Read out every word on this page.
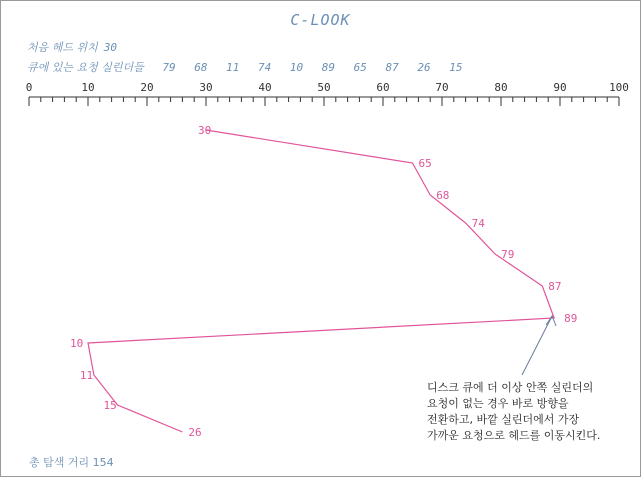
C-LOOK
처음 헤드 위치 30
큐에 있는 요청 실린더들 79 68 11 74 10 89 65 87 26 15
0	10	20	30	40	50	60	70	80	90	100
30
65
68
74
79
87
89
10
11
15
26
디스크 큐에 더 이상 안쪽 실린더의
요청이 없는 경우 바로 방향을
전환하고, 바깥 실린더에서 가장
가까운 요청으로 헤드를 이동시킨다.
총 탐색 거리 154
